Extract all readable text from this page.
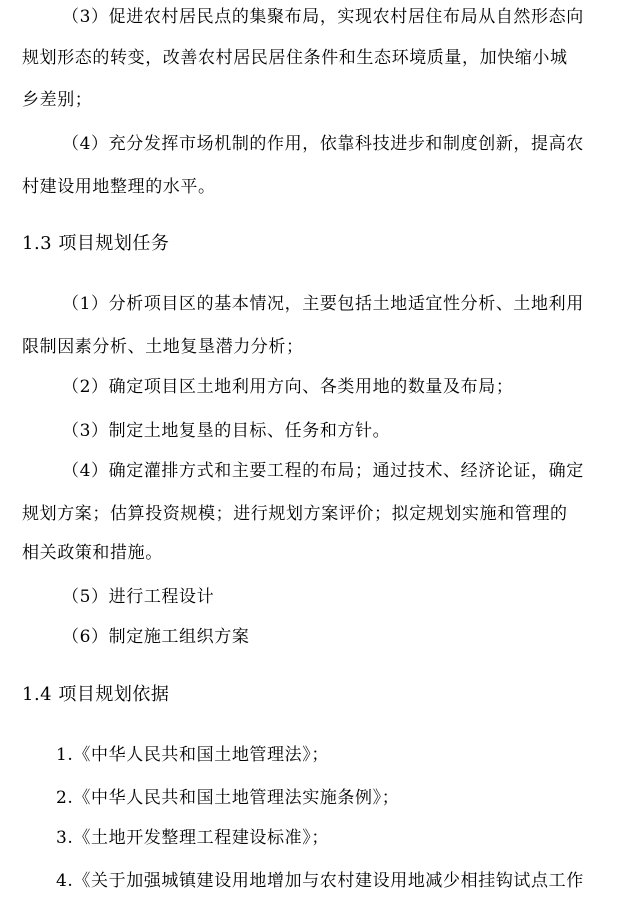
（3）促进农村居民点的集聚布局，实现农村居住布局从自然形态向
规划形态的转变，改善农村居民居住条件和生态环境质量，加快缩小城
乡差别；
（4）充分发挥市场机制的作用，依靠科技进步和制度创新，提高农
村建设用地整理的水平。
1.3 项目规划任务
（1）分析项目区的基本情况，主要包括土地适宜性分析、土地利用
限制因素分析、土地复垦潜力分析；
（2）确定项目区土地利用方向、各类用地的数量及布局；
（3）制定土地复垦的目标、任务和方针。
（4）确定灌排方式和主要工程的布局；通过技术、经济论证，确定
规划方案；估算投资规模；进行规划方案评价；拟定规划实施和管理的
相关政策和措施。
（5）进行工程设计
（6）制定施工组织方案
1.4 项目规划依据
1.《中华人民共和国土地管理法》；
2.《中华人民共和国土地管理法实施条例》；
3.《土地开发整理工程建设标准》；
4.《关于加强城镇建设用地增加与农村建设用地减少相挂钩试点工作
